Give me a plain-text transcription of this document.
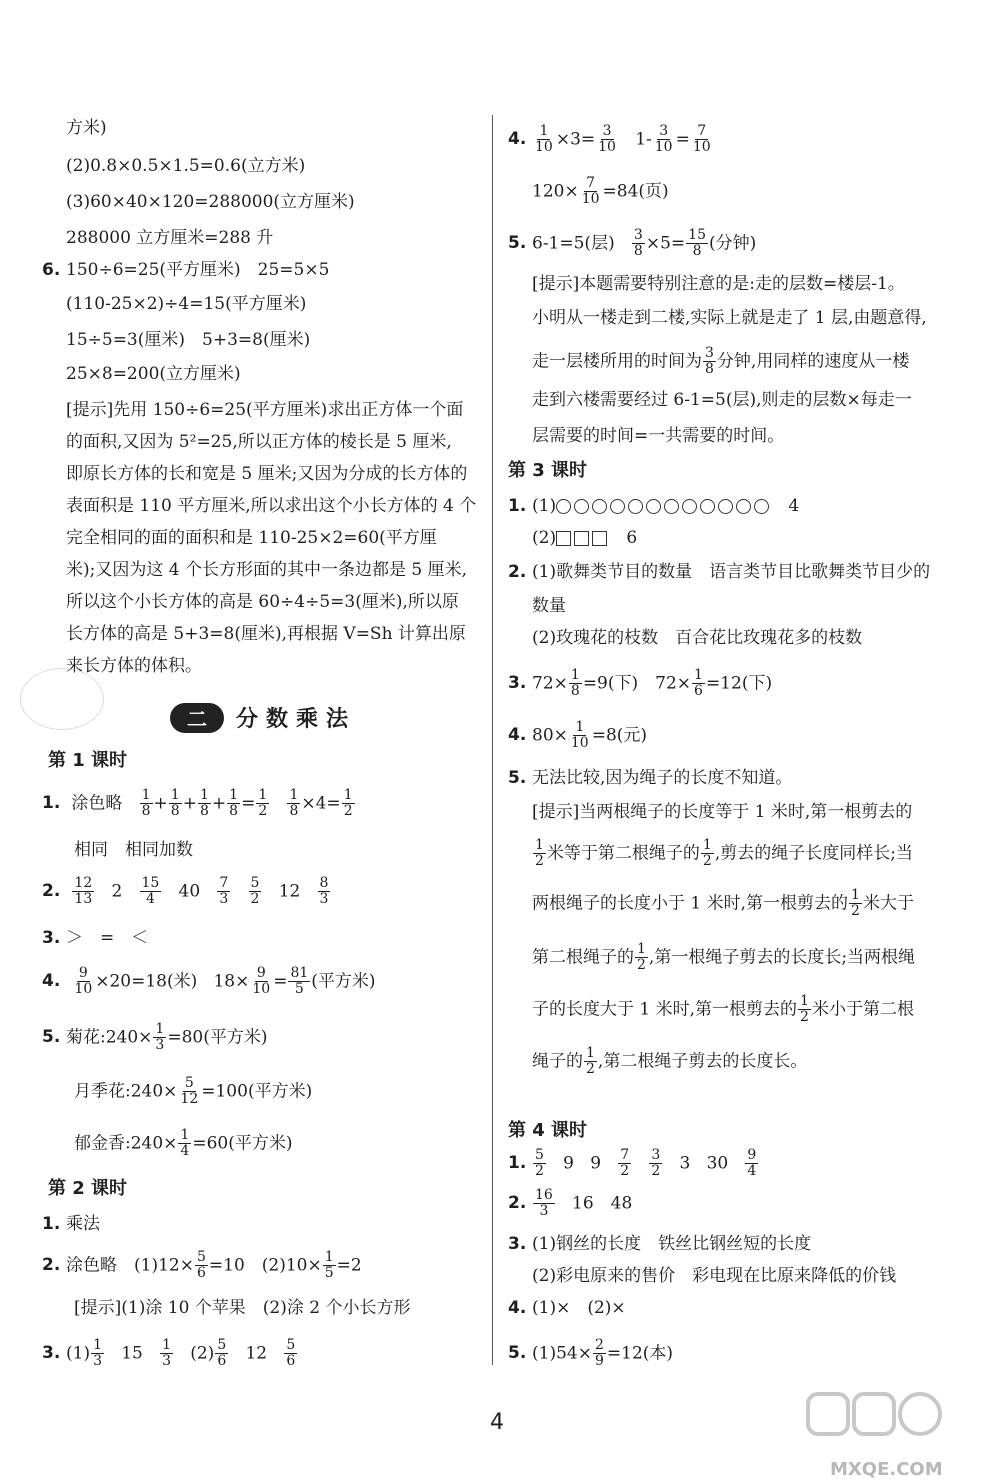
方米)
(2)0.8×0.5×1.5=0.6(立方米)
(3)60×40×120=288000(立方厘米)
288000 立方厘米=288 升
6. 150÷6=25(平方厘米)　25=5×5
(110-25×2)÷4=15(平方厘米)
15÷5=3(厘米)　5+3=8(厘米)
25×8=200(立方厘米)
[提示]先用 150÷6=25(平方厘米)求出正方体一个面
的面积,又因为 5²=25,所以正方体的棱长是 5 厘米,
即原长方体的长和宽是 5 厘米;又因为分成的长方体的
表面积是 110 平方厘米,所以求出这个小长方体的 4 个
完全相同的面的面积和是 110-25×2=60(平方厘
米);又因为这 4 个长方形面的其中一条边都是 5 厘米,
所以这个小长方体的高是 60÷4÷5=3(厘米),所以原
长方体的高是 5+3=8(厘米),再根据 V=Sh 计算出原
来长方体的体积。
二	分数乘法
第 1 课时
1. 涂色略 $\frac{1}{8} + \frac{1}{8} + \frac{1}{8} + \frac{1}{8} = \frac{1}{2}$
$\frac{1}{8} \times 4= \frac{1}{2}$
相同　相同加数
2. $\frac{12}{13} 2 \frac{15}{4} 40 \frac{7}{3}$
$\frac{5}{2} 12 \frac{8}{3}$
3. ＞　=　＜
4. $\frac{9}{10} \times 20=18$(米) $18\times \frac{9}{10} = \frac{81}{5}$ (平方米)
5. 菊花:240× $\frac{1}{3} =80$(平方米)
月季花:240× $\frac{5}{12} =100$(平方米)
郁金香:240× $\frac{1}{4} =60$(平方米)
第 2 课时
1. 乘法
2. 涂色略　$(1)12\times \frac{5}{6} =10$　$(2)10\times \frac{1}{5} =2$
[提示](1)涂 10 个苹果　(2)涂 2 个小长方形
3. $(1) \frac{1}{3} 15 \frac{1}{3} (2) \frac{5}{6} 12 \frac{5}{6}$
4. $\frac{1}{10} \times 3= \frac{3}{10} 1- \frac{3}{10} = \frac{7}{10}$
$120\times \frac{7}{10} =84$(页)
5. 6-1=5(层) $\frac{3}{8} \times 5= \frac{15}{8}$ (分钟)
[提示]本题需要特别注意的是:走的层数=楼层-1。
小明从一楼走到二楼,实际上就是走了 1 层,由题意得,
走一层楼所用的时间为 $\frac{3}{8}$ 分钟,用同样的速度从一楼
走到六楼需要经过 6-1=5(层),则走的层数×每走一
层需要的时间=一共需要的时间。
第 3 课时
1. (1)	4
(2)	6
2. (1)歌舞类节目的数量　语言类节目比歌舞类节目少的
数量
(2)玫瑰花的枝数　百合花比玫瑰花多的枝数
3. $72\times \frac{1}{8} =9$(下)　$72\times \frac{1}{6} =12$(下)
4. $80\times \frac{1}{10} =8$(元)
5. 无法比较,因为绳子的长度不知道。
[提示]当两根绳子的长度等于 1 米时,第一根剪去的
$\frac{1}{2}$ 米等于第二根绳子的 $\frac{1}{2}$ ,剪去的绳子长度同样长;当
两根绳子的长度小于 1 米时,第一根剪去的 $\frac{1}{2}$ 米大于
第二根绳子的 $\frac{1}{2}$ ,第一根绳子剪去的长度长;当两根绳
子的长度大于 1 米时,第一根剪去的 $\frac{1}{2}$ 米小于第二根
绳子的 $\frac{1}{2}$ ,第二根绳子剪去的长度长。
第 4 课时
1. $\frac{5}{2} 9$ $9 \frac{7}{2}$
$\frac{3}{2} 3$ $30 \frac{9}{4}$
2. $\frac{16}{3} 16$　48
3. (1)钢丝的长度　铁丝比钢丝短的长度
(2)彩电原来的售价　彩电现在比原来降低的价钱
4. (1)×　(2)×
5. $(1)54\times \frac{2}{9} =12$(本)
4
MXQE.COM
